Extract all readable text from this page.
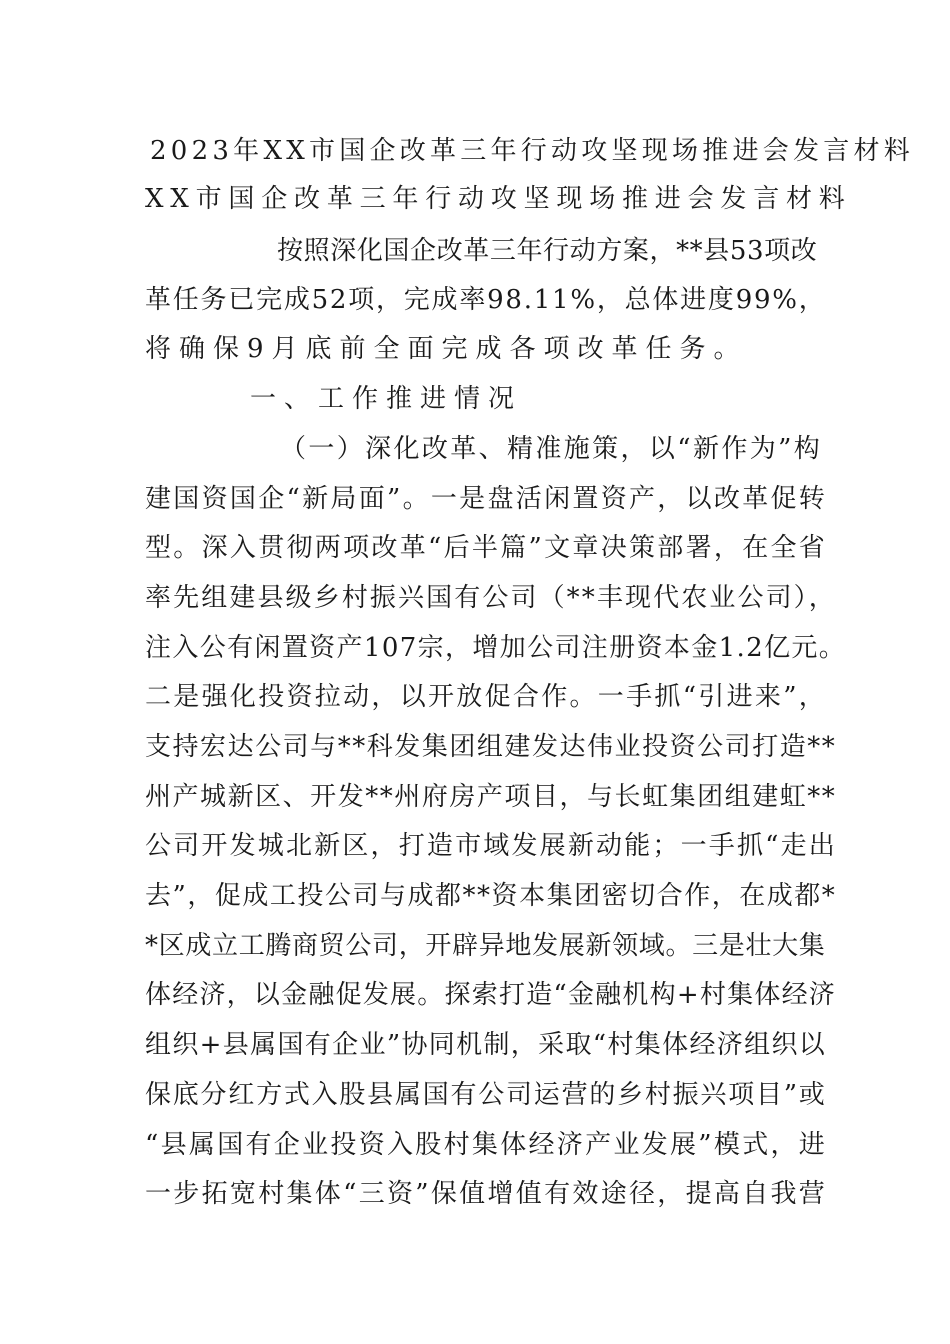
2023年XX市国企改革三年行动攻坚现场推进会发言材料
XX市国企改革三年行动攻坚现场推进会发言材料
按照深化国企改革三年行动方案，**县53项改
革任务已完成52项，完成率98.11%，总体进度99%，
将确保9月底前全面完成各项改革任务。
一、工作推进情况
（一）深化改革、精准施策，以“新作为”构
建国资国企“新局面”。一是盘活闲置资产，以改革促转
型。深入贯彻两项改革“后半篇”文章决策部署，在全省
率先组建县级乡村振兴国有公司（**丰现代农业公司），
注入公有闲置资产107宗，增加公司注册资本金1.2亿元。
二是强化投资拉动，以开放促合作。一手抓“引进来”，
支持宏达公司与**科发集团组建发达伟业投资公司打造**
州产城新区、开发**州府房产项目，与长虹集团组建虹**
公司开发城北新区，打造市域发展新动能；一手抓“走出
去”，促成工投公司与成都**资本集团密切合作，在成都*
*区成立工腾商贸公司，开辟异地发展新领域。三是壮大集
体经济，以金融促发展。探索打造“金融机构+村集体经济
组织+县属国有企业”协同机制，采取“村集体经济组织以
保底分红方式入股县属国有公司运营的乡村振兴项目”或
“县属国有企业投资入股村集体经济产业发展”模式，进
一步拓宽村集体“三资”保值增值有效途径，提高自我营
